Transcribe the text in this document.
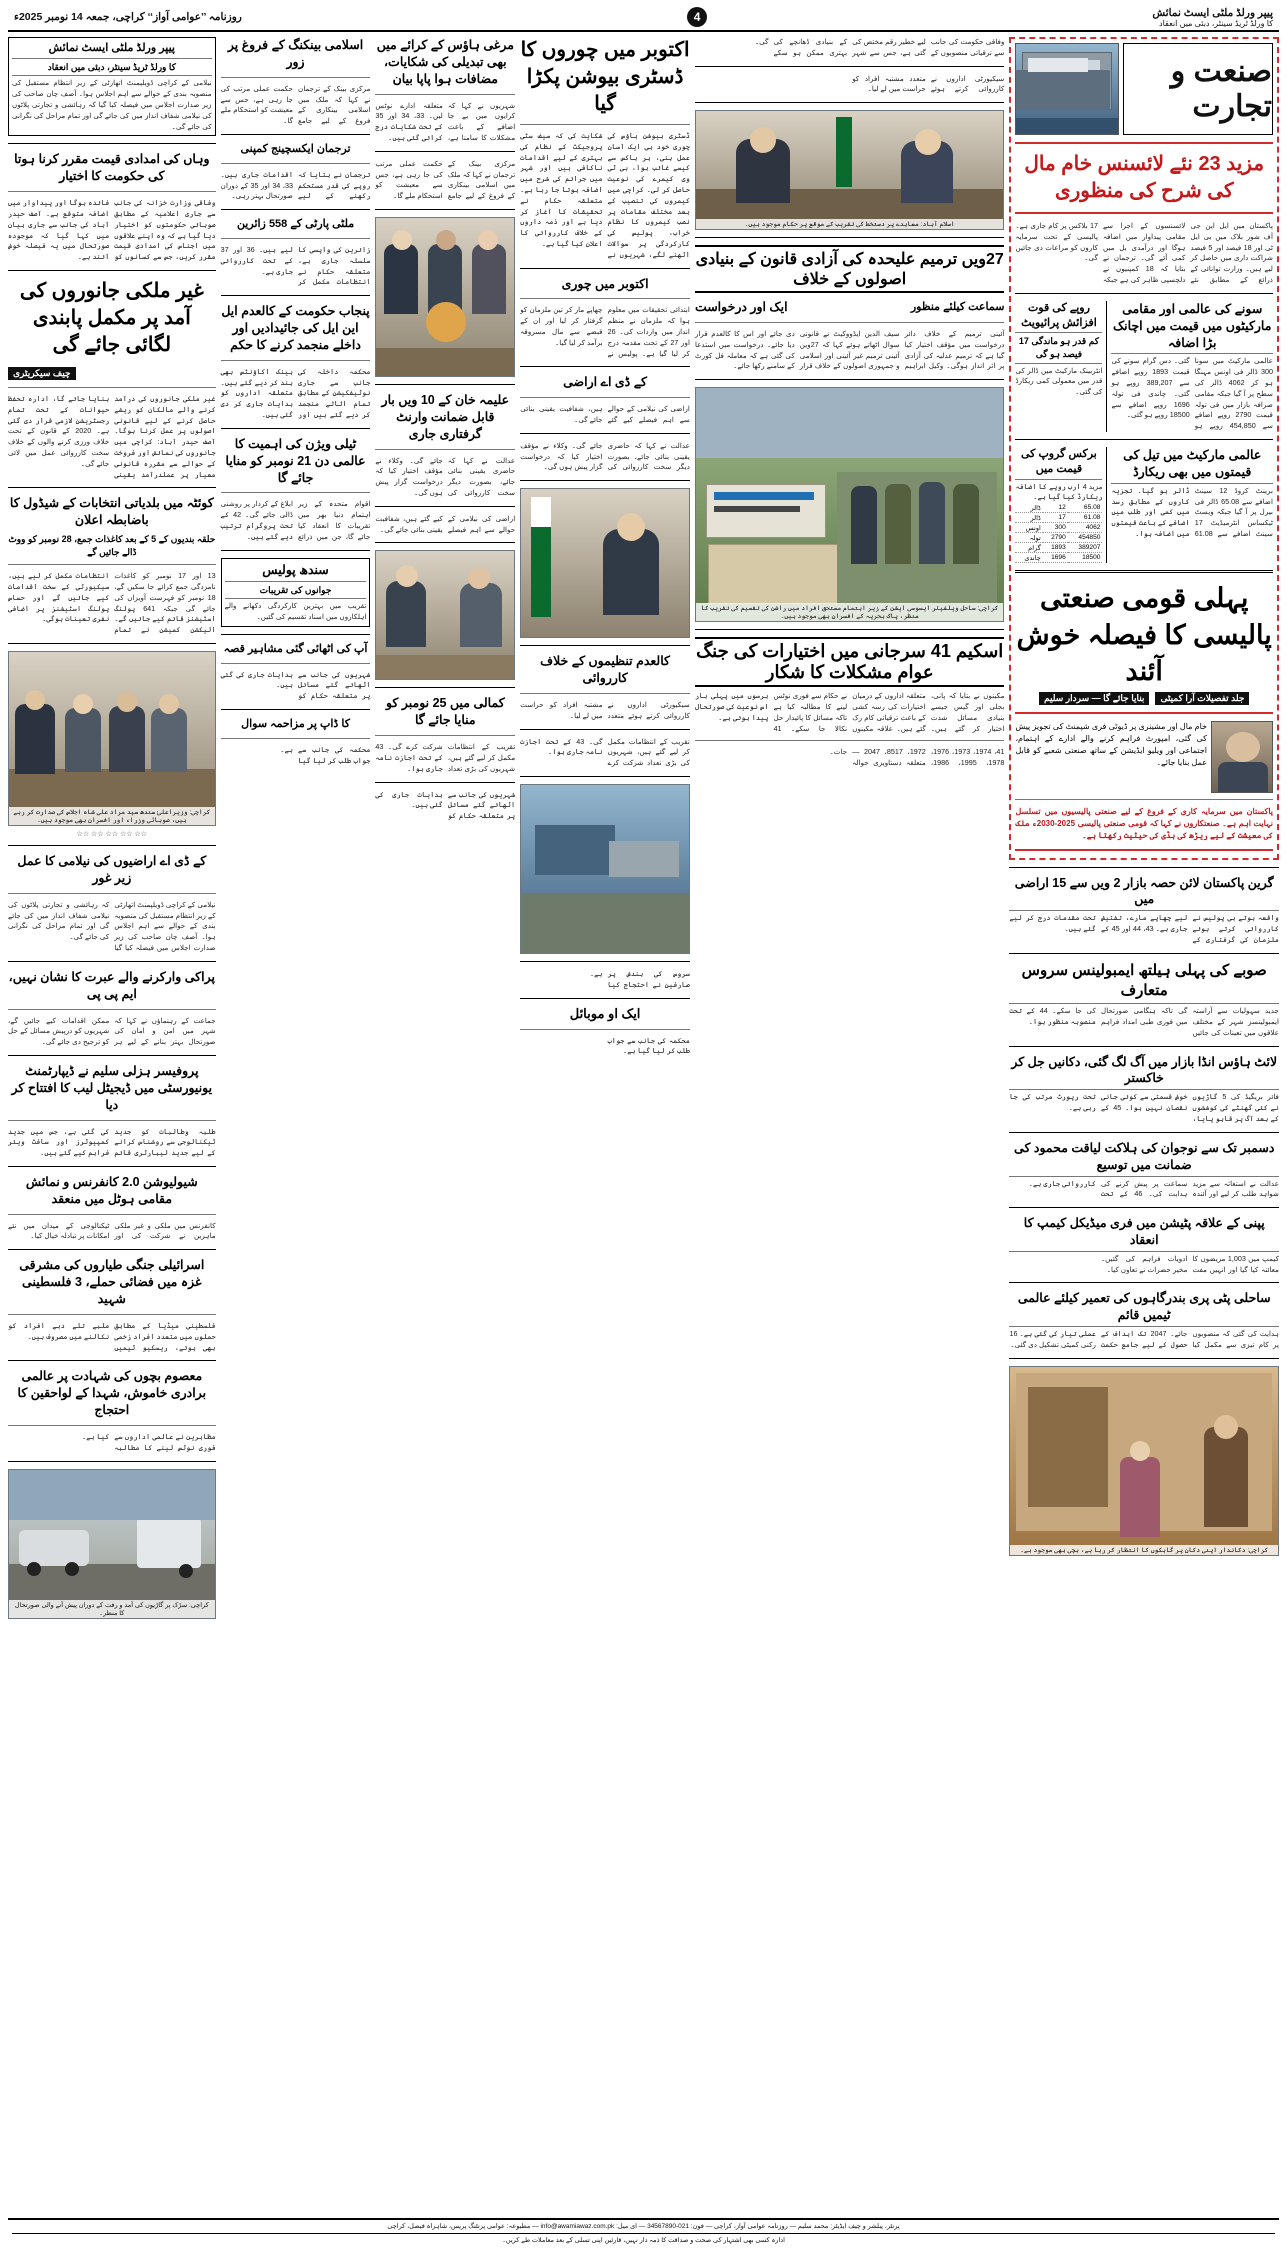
پیپر ورلڈ ملٹی ایسٹ نمائش
کا ورلڈ ٹریڈ سینٹر، دبئی میں انعقاد
4
روزنامہ ’’عوامی آواز‘‘ کراچی، جمعہ 14 نومبر 2025ء
صنعت و تجارت
مزید 23 نئے لائسنس خام مال کی شرح کی منظوری
پاکستان میں ایل این جی آف شور بلاک میں بی ایل ٹی اور 18 فیصد اور 5 فیصد شراکت داری میں حاصل کر لیے ہیں۔ وزارت توانائی کے ذرائع کے مطابق نئے لائسنسوں کے اجرا سے مقامی پیداوار میں اضافہ ہوگا اور درآمدی بل میں کمی آئے گی۔ ترجمان نے بتایا کہ 18 کمپنیوں نے دلچسپی ظاہر کی ہے جبکہ 17 بلاکس پر کام جاری ہے۔ پالیسی کے تحت سرمایہ کاروں کو مراعات دی جائیں گی۔
سونے کی عالمی اور مقامی مارکیٹوں میں قیمت میں اچانک بڑا اضافہ
عالمی مارکیٹ میں سونا 300 ڈالر فی اونس مہنگا ہو کر 4062 ڈالر کی سطح پر آ گیا جبکہ مقامی صرافہ بازار میں فی تولہ قیمت 2790 روپے اضافے سے 454,850 روپے ہو گئی۔ دس گرام سونے کی قیمت 1893 روپے اضافے سے 389,207 روپے ہو گئی۔ چاندی فی تولہ 1696 روپے اضافے سے 18500 روپے ہو گئی۔
روپے کی قوت افزائش پرائیویٹ
کم قدر ہو ماندگی 17 فیصد ہو گی
انٹربینک مارکیٹ میں ڈالر کی قدر میں معمولی کمی ریکارڈ کی گئی۔
عالمی مارکیٹ میں تیل کی قیمتوں میں بھی ریکارڈ
برینٹ کروڈ 12 سینٹ اضافے سے 65.08 ڈالر فی بیرل پر آ گیا جبکہ ویسٹ ٹیکساس انٹرمیڈیٹ 17 سینٹ اضافے سے 61.08 ڈالر ہو گیا۔ تجزیہ کاروں کے مطابق رسد میں کمی اور طلب میں اضافے کے باعث قیمتوں میں اضافہ ہوا۔
برکس گروپ کی قیمت میں
مزید 4 ارب روپے کا اضافہ ریکارڈ کیا گیا ہے۔
65.08	12	ڈالر
61.08	17	ڈالر
4062	300	اونس
454850	2790	تولہ
389207	1893	گرام
18500	1696	چاندی
پہلی قومی صنعتی پالیسی کا فیصلہ خوش آئند
جلد تفصیلات آرا کمیٹی
بنایا جائے گا — سردار سلیم
خام مال اور مشینری پر ڈیوٹی فری شپمنٹ کی تجویز پیش کی گئی، امپورٹ فراہم کرنے والے ادارے کے اہتمام، اجتماعی اور ویلیو ایڈیشن کے ساتھ صنعتی شعبے کو قابل عمل بنایا جائے۔
پاکستان میں سرمایہ کاری کے فروغ کے لیے صنعتی پالیسیوں میں تسلسل نہایت اہم ہے۔ صنعتکاروں نے کہا کہ قومی صنعتی پالیسی 2025-2030ء ملک کی معیشت کے لیے ریڑھ کی ہڈی کی حیثیت رکھتا ہے۔
گرین پاکستان لائن حصہ بازار 2 ویں سے 15 اراضی میں
واقعہ ہوتے ہی پولیس نے کارروائی کرتے ہوئے ملزمان کی گرفتاری کے لیے چھاپے مارے، تفتیش جاری ہے۔ 43، 44 اور 45 کے تحت مقدمات درج کر لیے گئے ہیں۔
صوبے کی پہلی ہیلتھ ایمبولینس سروس متعارف
جدید سہولیات سے آراستہ ایمبولینسز شہر کے مختلف علاقوں میں تعینات کی جائیں گی تاکہ ہنگامی صورتحال میں فوری طبی امداد فراہم کی جا سکے۔ 44 کے تحت منصوبہ منظور ہوا۔
لائٹ ہاؤس انڈا بازار میں آگ لگ گئی، دکانیں جل کر خاکستر
فائر بریگیڈ کی 5 گاڑیوں نے کئی گھنٹے کی کوششوں کے بعد آگ پر قابو پایا، خوش قسمتی سے کوئی جانی نقصان نہیں ہوا۔ 45 کے تحت رپورٹ مرتب کی جا رہی ہے۔
دسمبر تک سے نوجوان کی ہلاکت لیاقت محمود کی ضمانت میں توسیع
عدالت نے استغاثہ سے مزید شواہد طلب کر لیے اور آئندہ سماعت پر پیش کرنے کی ہدایت کی۔ 46 کے تحت کارروائی جاری ہے۔
پپنی کے علاقہ پٹیشن میں فری میڈیکل کیمپ کا انعقاد
کیمپ میں 1,003 مریضوں کا معائنہ کیا گیا اور انہیں مفت ادویات فراہم کی گئیں۔ مخیر حضرات نے تعاون کیا۔
ساحلی پٹی پری بندرگاہوں کی تعمیر کیلئے عالمی ٹیمیں قائم
ہدایت کی گئی کہ منصوبوں پر کام تیزی سے مکمل کیا جائے۔ 2047 تک اہداف کے حصول کے لیے جامع حکمت عملی تیار کی گئی ہے۔ 16 رکنی کمیٹی تشکیل دی گئی۔
کراچی: دکاندار اپنی دکان پر گاہکوں کا انتظار کر رہا ہے، بچی بھی موجود ہے۔
وفاقی حکومت کی جانب سے ترقیاتی منصوبوں کے لیے خطیر رقم مختص کی گئی ہے، جس سے شہر کے بنیادی ڈھانچے کی بہتری ممکن ہو سکے گی۔
سیکیورٹی اداروں نے کارروائی کرتے ہوئے متعدد مشتبہ افراد کو حراست میں لے لیا۔
اسلام آباد: معاہدے پر دستخط کی تقریب کے موقع پر حکام موجود ہیں۔
27ویں ترمیم علیحدہ کی آزادی قانون کے بنیادی اصولوں کے خلاف
سماعت کیلئے منظور
ایک اور درخواست
آئینی ترمیم کے خلاف دائر درخواست میں مؤقف اختیار کیا گیا ہے کہ ترمیم عدلیہ کی آزادی پر اثر انداز ہوگی۔ وکیل ابراہیم سیف الدین ایڈووکیٹ نے قانونی سوال اٹھاتے ہوئے کہا کہ 27ویں آئینی ترمیم غیر آئینی اور اسلامی و جمہوری اصولوں کے خلاف قرار دی جائے اور اس کا کالعدم قرار دیا جائے۔ درخواست میں استدعا کی گئی ہے کہ معاملہ فل کورٹ کے سامنے رکھا جائے۔
کراچی: ساحل ویلفیئر ایسوسی ایشن کے زیر اہتمام مستحق افراد میں راشن کی تقسیم کی تقریب کا منظر، پاک بحریہ کے افسران بھی موجود ہیں۔
اسکیم 41 سرجانی میں اختیارات کی جنگ عوام مشکلات کا شکار
مکینوں نے بتایا کہ پانی، بجلی اور گیس جیسے بنیادی مسائل شدت اختیار کر گئے ہیں۔ متعلقہ اداروں کے درمیان اختیارات کی رسہ کشی کے باعث ترقیاتی کام رک گئے ہیں۔ علاقہ مکینوں نے حکام سے فوری نوٹس لینے کا مطالبہ کیا ہے تاکہ مسائل کا پائیدار حل نکالا جا سکے۔ 41 برسوں میں پہلی بار اس نوعیت کی صورتحال پیدا ہوئی ہے۔
41، 1974، 1973، 1976، 1978، 1995، 1986، 1972، 8517، 2047 — متعلقہ دستاویزی حوالہ جات۔
اکتوبر میں چوروں کا ڈسٹری بیوشن پکڑا گیا
ڈسٹری بیوشن ہاؤس کی چوری خود ہی ایک آسان عمل بنی، ہر باکس سے کیسے غائب ہوا، ہی ٹی وی کیمرے کی نوعیت حاصل کر لی۔ کراچی میں کیمروں کی تنصیب کے بعد مختلف مقامات پر نصب کیمروں کا نظام خراب، پولیس کی کارکردگی پر سوالات اٹھنے لگے، شہریوں نے شکایت کی کہ سیف سٹی پروجیکٹ کے نظام کی بہتری کے لیے اقدامات ناکافی ہیں اور شہر میں جرائم کی شرح میں اضافہ ہوتا جا رہا ہے۔ متعلقہ حکام نے تحقیقات کا آغاز کر دیا ہے اور ذمہ داروں کے خلاف کارروائی کا اعلان کیا گیا ہے۔
اکتوبر میں چوری
ابتدائی تحقیقات میں معلوم ہوا کہ ملزمان نے منظم انداز میں واردات کی۔ 26 اور 27 کے تحت مقدمہ درج کر لیا گیا ہے۔ پولیس نے چھاپے مار کر تین ملزمان کو گرفتار کر لیا اور ان کے قبضے سے مال مسروقہ برآمد کر لیا گیا۔
کے ڈی اے اراضی
اراضی کی نیلامی کے حوالے سے اہم فیصلے کیے گئے ہیں، شفافیت یقینی بنائی جائے گی۔
عدالت نے کہا کہ حاضری یقینی بنائی جائے، بصورت دیگر سخت کارروائی کی جائے گی۔ وکلاء نے مؤقف اختیار کیا کہ درخواست گزار پیش ہوں گی۔
کالعدم تنظیموں کے خلاف کارروائی
سیکیورٹی اداروں نے کارروائی کرتے ہوئے متعدد مشتبہ افراد کو حراست میں لے لیا۔
تقریب کے انتظامات مکمل کر لیے گئے ہیں، شہریوں کی بڑی تعداد شرکت کرے گی۔ 43 کے تحت اجازت نامہ جاری ہوا۔
سروس کی بندش پر صارفین نے احتجاج کیا ہے۔
ایک او موبائل
محکمہ کی جانب سے جواب طلب کر لیا گیا ہے۔
مرغی ہاؤس کے کرائے میں بھی تبدیلی کی شکایات، مضافات ہوا پاپا بیان
شہریوں نے کہا کہ کرایوں میں بے جا اضافے کے باعث مشکلات کا سامنا ہے، متعلقہ ادارے نوٹس لیں۔ 33، 34 اور 35 کے تحت شکایات درج کرائی گئی ہیں۔
مرکزی بینک کے ترجمان نے کہا کہ ملک میں اسلامی بینکاری کے فروغ کے لیے جامع حکمت عملی مرتب کی جا رہی ہے، جس سے معیشت کو استحکام ملے گا۔
علیمہ خان کے 10 ویں بار قابل ضمانت وارنٹ گرفتاری جاری
عدالت نے کہا کہ حاضری یقینی بنائی جائے، بصورت دیگر سخت کارروائی کی جائے گی۔ وکلاء نے مؤقف اختیار کیا کہ درخواست گزار پیش ہوں گی۔
اراضی کی نیلامی کے حوالے سے اہم فیصلے کیے گئے ہیں، شفافیت یقینی بنائی جائے گی۔
کمالی میں 25 نومبر کو منایا جائے گا
تقریب کے انتظامات مکمل کر لیے گئے ہیں، شہریوں کی بڑی تعداد شرکت کرے گی۔ 43 کے تحت اجازت نامہ جاری ہوا۔
شہریوں کی جانب سے اٹھائے گئے مسائل پر متعلقہ حکام کو ہدایات جاری کی گئی ہیں۔
اسلامی بینکنگ کے فروغ پر زور
مرکزی بینک کے ترجمان نے کہا کہ ملک میں اسلامی بینکاری کے فروغ کے لیے جامع حکمت عملی مرتب کی جا رہی ہے، جس سے معیشت کو استحکام ملے گا۔
ترجمان ایکسچینج کمپنی
ترجمان نے بتایا کہ روپے کی قدر مستحکم رکھنے کے لیے اقدامات جاری ہیں۔ 33، 34 اور 35 کے دوران صورتحال بہتر رہی۔
ملٹی پارٹی کے 558 زائرین
زائرین کی واپسی کا سلسلہ جاری ہے، متعلقہ حکام نے انتظامات مکمل کر لیے ہیں۔ 36 اور 37 کے تحت کارروائی جاری ہے۔
پنجاب حکومت کے کالعدم ایل این ایل کی جائیدادیں اور داخلے منجمد کرنے کا حکم
محکمہ داخلہ کی جانب سے جاری نوٹیفکیشن کے مطابق تمام اثاثے منجمد کر دیے گئے ہیں اور بینک اکاؤنٹس بھی بند کر دیے گئے ہیں۔ متعلقہ اداروں کو ہدایات جاری کر دی گئی ہیں۔
ٹیلی ویژن کی اہمیت کا عالمی دن 21 نومبر کو منایا جائے گا
اقوام متحدہ کے زیر اہتمام دنیا بھر میں تقریبات کا انعقاد کیا جائے گا، جن میں ذرائع ابلاغ کے کردار پر روشنی ڈالی جائے گی۔ 42 کے تحت پروگرام ترتیب دیے گئے ہیں۔
سندھ پولیس
جوانوں کی تقریبات
تقریب میں بہترین کارکردگی دکھانے والے اہلکاروں میں اسناد تقسیم کی گئیں۔
آپ کی اٹھائی گئی مشاہیر قصہ
شہریوں کی جانب سے اٹھائے گئے مسائل پر متعلقہ حکام کو ہدایات جاری کی گئی ہیں۔
کا ڈاپ پر مزاحمہ سوال
محکمہ کی جانب سے جواب طلب کر لیا گیا ہے۔
پیپر ورلڈ ملٹی ایسٹ نمائش
کا ورلڈ ٹریڈ سینٹر، دبئی میں انعقاد
نیلامی کے کراچی ڈویلپمنٹ اتھارٹی کے زیر انتظام مستقبل کی منصوبہ بندی کے حوالے سے اہم اجلاس ہوا۔ آصف چان صاحب کی زیر صدارت اجلاس میں فیصلہ کیا گیا کہ رہائشی و تجارتی پلاٹوں کی نیلامی شفاف انداز میں کی جائے گی اور تمام مراحل کی نگرانی کی جائے گی۔
وہاں کی امدادی قیمت مقرر کرنا ہوتا کی حکومت کا اختیار
وفاقی وزارت خزانہ کی جانب سے جاری اعلامیہ کے مطابق صوبائی حکومتوں کو اختیار دیا گیا ہے کہ وہ اپنے علاقوں میں اجناس کی امدادی قیمت مقرر کریں، جس سے کسانوں کو فائدہ ہوگا اور پیداوار میں اضافہ متوقع ہے۔ آصف حیدر آباد کی جانب سے جاری بیان میں کہا گیا کہ موجودہ صورتحال میں یہ فیصلہ خوش آئند ہے۔
غیر ملکی جانوروں کی آمد پر مکمل پابندی لگائی جائے گی
چیف سیکریٹری
غیر ملکی جانوروں کی درآمد کرنے والے مالکان کو ریشے حاصل کرنے کے لیے قانونی اصولوں پر عمل کرنا ہوگا۔ آصف حیدر آباد: کراچی میں جانوروں کی نمائش اور فروخت کے حوالے سے مقررہ قانونی معیار پر عملدرآمد یقینی بنایا جائے گا، ادارہ تحفظ حیوانات کے تحت تمام رجسٹریشن لازمی قرار دی گئی ہے۔ 2020 کے قانون کے تحت خلاف ورزی کرنے والوں کے خلاف سخت کارروائی عمل میں لائی جائے گی۔
کوئٹہ میں بلدیاتی انتخابات کے شیڈول کا باضابطہ اعلان
حلقہ بندیوں کے 5 کے بعد کاغذات جمع، 28 نومبر کو ووٹ ڈالے جائیں گے
13 اور 17 نومبر کو کاغذات نامزدگی جمع کرائے جا سکیں گے، 18 نومبر کو فہرست آویزاں کی جائے گی جبکہ 641 پولنگ اسٹیشنز قائم کیے جائیں گے۔ الیکشن کمیشن نے تمام انتظامات مکمل کر لیے ہیں، سیکیورٹی کے سخت اقدامات کیے جائیں گے اور حساس پولنگ اسٹیشنز پر اضافی نفری تعینات ہوگی۔
کراچی: وزیراعلیٰ سندھ سید مراد علی شاہ اجلاس کی صدارت کر رہے ہیں، صوبائی وزراء اور افسران بھی موجود ہیں۔
☆☆ ☆☆ ☆☆ ☆☆ ☆☆
کے ڈی اے اراضیوں کی نیلامی کا عمل زیر غور
نیلامی کے کراچی ڈویلپمنٹ اتھارٹی کے زیر انتظام مستقبل کی منصوبہ بندی کے حوالے سے اہم اجلاس ہوا۔ آصف چان صاحب کی زیر صدارت اجلاس میں فیصلہ کیا گیا کہ رہائشی و تجارتی پلاٹوں کی نیلامی شفاف انداز میں کی جائے گی اور تمام مراحل کی نگرانی کی جائے گی۔
پراکی وارکرنے والے عبرت کا نشان نہیں، ایم پی پی
جماعت کے رہنماؤں نے کہا کہ شہر میں امن و امان کی صورتحال بہتر بنانے کے لیے ہر ممکن اقدامات کیے جائیں گے، شہریوں کو درپیش مسائل کے حل کو ترجیح دی جائے گی۔
پروفیسر ہزلی سلیم نے ڈیپارٹمنٹ یونیورسٹی میں ڈیجیٹل لیب کا افتتاح کر دیا
طلبہ وطالبات کو جدید ٹیکنالوجی سے روشناس کرانے کے لیے جدید لیبارٹری قائم کی گئی ہے، جس میں جدید کمپیوٹرز اور سافٹ ویئر فراہم کیے گئے ہیں۔
شیولیوشن 2.0 کانفرنس و نمائش مقامی ہوٹل میں منعقد
کانفرنس میں ملکی و غیر ملکی ماہرین نے شرکت کی اور ٹیکنالوجی کے میدان میں نئے امکانات پر تبادلہ خیال کیا۔
اسرائیلی جنگی طیاروں کی مشرقی غزہ میں فضائی حملے، 3 فلسطینی شہید
فلسطینی میڈیا کے مطابق حملوں میں متعدد افراد زخمی بھی ہوئے، ریسکیو ٹیمیں ملبے تلے دبے افراد کو نکالنے میں مصروف ہیں۔
معصوم بچوں کی شہادت پر عالمی برادری خاموش، شہدا کے لواحقین کا احتجاج
مظاہرین نے عالمی اداروں سے فوری نوٹس لینے کا مطالبہ کیا ہے۔
کراچی: سڑک پر گاڑیوں کی آمد و رفت کے دوران پیش آنے والی صورتحال کا منظر۔
پرنٹر، پبلشر و چیف ایڈیٹر: محمد سلیم — روزنامہ عوامی آواز، کراچی — فون: 021-34567890 — ای میل: info@awamiawaz.com.pk — مطبوعہ: عوامی پرنٹنگ پریس، شاہراہ فیصل، کراچی
ادارہ کسی بھی اشتہار کی صحت و صداقت کا ذمہ دار نہیں، قارئین اپنی تسلی کے بعد معاملات طے کریں۔
